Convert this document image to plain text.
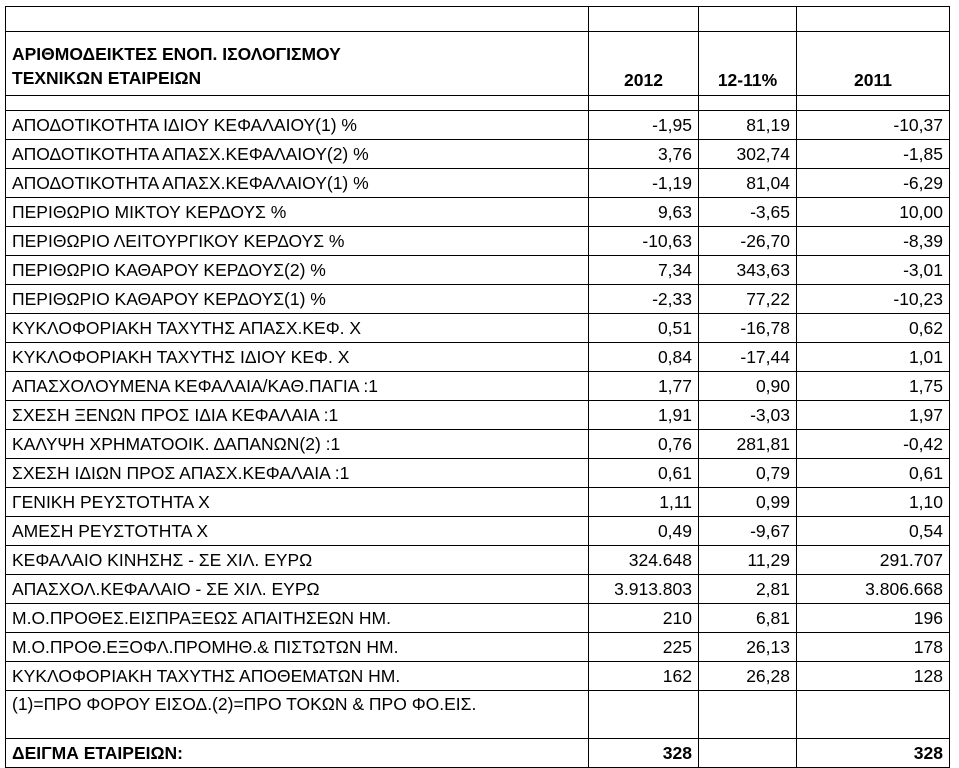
ΑΡΙΘΜΟΔΕΙΚΤΕΣ ΕΝΟΠ. ΙΣΟΛΟΓΙΣΜΟΥ
ΤΕΧΝΙΚΩΝ ΕΤΑΙΡΕΙΩΝ	2012	12-11%	2011

ΑΠΟΔΟΤΙΚΟΤΗΤΑ ΙΔΙΟΥ ΚΕΦΑΛΑΙΟΥ(1) %	-1,95	81,19	-10,37
ΑΠΟΔΟΤΙΚΟΤΗΤΑ ΑΠΑΣΧ.ΚΕΦΑΛΑΙΟΥ(2) %	3,76	302,74	-1,85
ΑΠΟΔΟΤΙΚΟΤΗΤΑ ΑΠΑΣΧ.ΚΕΦΑΛΑΙΟΥ(1) %	-1,19	81,04	-6,29
ΠΕΡΙΘΩΡΙΟ ΜΙΚΤΟΥ ΚΕΡΔΟΥΣ %	9,63	-3,65	10,00
ΠΕΡΙΘΩΡΙΟ ΛΕΙΤΟΥΡΓΙΚΟΥ ΚΕΡΔΟΥΣ %	-10,63	-26,70	-8,39
ΠΕΡΙΘΩΡΙΟ ΚΑΘΑΡΟΥ ΚΕΡΔΟΥΣ(2) %	7,34	343,63	-3,01
ΠΕΡΙΘΩΡΙΟ ΚΑΘΑΡΟΥ ΚΕΡΔΟΥΣ(1) %	-2,33	77,22	-10,23
ΚΥΚΛΟΦΟΡΙΑΚΗ ΤΑΧΥΤΗΣ ΑΠΑΣΧ.ΚΕΦ. Χ	0,51	-16,78	0,62
ΚΥΚΛΟΦΟΡΙΑΚΗ ΤΑΧΥΤΗΣ ΙΔΙΟΥ ΚΕΦ. Χ	0,84	-17,44	1,01
ΑΠΑΣΧΟΛΟΥΜΕΝΑ ΚΕΦΑΛΑΙΑ/ΚΑΘ.ΠΑΓΙΑ :1	1,77	0,90	1,75
ΣΧΕΣΗ ΞΕΝΩΝ ΠΡΟΣ ΙΔΙΑ ΚΕΦΑΛΑΙΑ :1	1,91	-3,03	1,97
ΚΑΛΥΨΗ ΧΡΗΜΑΤΟΟΙΚ. ΔΑΠΑΝΩΝ(2) :1	0,76	281,81	-0,42
ΣΧΕΣΗ ΙΔΙΩΝ ΠΡΟΣ ΑΠΑΣΧ.ΚΕΦΑΛΑΙΑ :1	0,61	0,79	0,61
ΓΕΝΙΚΗ ΡΕΥΣΤΟΤΗΤΑ Χ	1,11	0,99	1,10
ΑΜΕΣΗ ΡΕΥΣΤΟΤΗΤΑ Χ	0,49	-9,67	0,54
ΚΕΦΑΛΑΙΟ ΚΙΝΗΣΗΣ - ΣΕ ΧΙΛ. ΕΥΡΩ	324.648	11,29	291.707
ΑΠΑΣΧΟΛ.ΚΕΦΑΛΑΙΟ - ΣΕ ΧΙΛ. ΕΥΡΩ	3.913.803	2,81	3.806.668
Μ.Ο.ΠΡΟΘΕΣ.ΕΙΣΠΡΑΞΕΩΣ ΑΠΑΙΤΗΣΕΩΝ ΗΜ.	210	6,81	196
Μ.Ο.ΠΡΟΘ.ΕΞΟΦΛ.ΠΡΟΜΗΘ.& ΠΙΣΤΩΤΩΝ ΗΜ.	225	26,13	178
ΚΥΚΛΟΦΟΡΙΑΚΗ ΤΑΧΥΤΗΣ ΑΠΟΘΕΜΑΤΩΝ ΗΜ.	162	26,28	128
(1)=ΠΡΟ ΦΟΡΟΥ ΕΙΣΟΔ.(2)=ΠΡΟ ΤΟΚΩΝ & ΠΡΟ ΦΟ.ΕΙΣ.			
ΔΕΙΓΜΑ ΕΤΑΙΡΕΙΩΝ:	328		328
